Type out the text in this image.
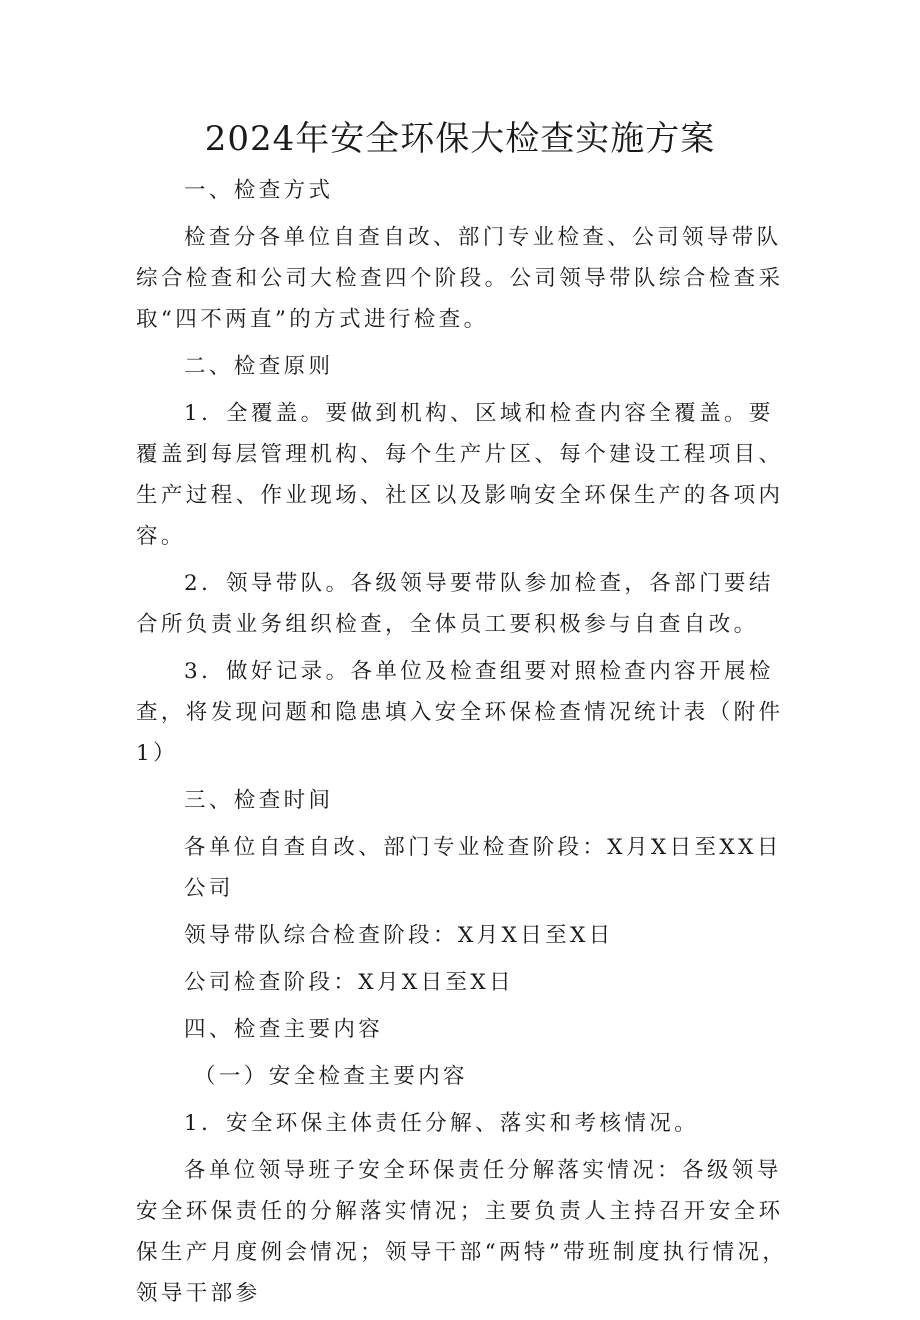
2024年安全环保大检查实施方案

一、检查方式

检查分各单位自查自改、部门专业检查、公司领导带队综合检查和公司大检查四个阶段。公司领导带队综合检查采取“四不两直”的方式进行检查。

二、检查原则

1．全覆盖。要做到机构、区域和检查内容全覆盖。要覆盖到每层管理机构、每个生产片区、每个建设工程项目、生产过程、作业现场、社区以及影响安全环保生产的各项内容。

2．领导带队。各级领导要带队参加检查，各部门要结合所负责业务组织检查，全体员工要积极参与自查自改。

3．做好记录。各单位及检查组要对照检查内容开展检查，将发现问题和隐患填入安全环保检查情况统计表（附件1）

三、检查时间

各单位自查自改、部门专业检查阶段：X月X日至XX日公司

领导带队综合检查阶段：X月X日至X日

公司检查阶段：X月X日至X日

四、检查主要内容

（一）安全检查主要内容

1．安全环保主体责任分解、落实和考核情况。

各单位领导班子安全环保责任分解落实情况：各级领导安全环保责任的分解落实情况；主要负责人主持召开安全环保生产月度例会情况；领导干部“两特”带班制度执行情况，领导干部参
